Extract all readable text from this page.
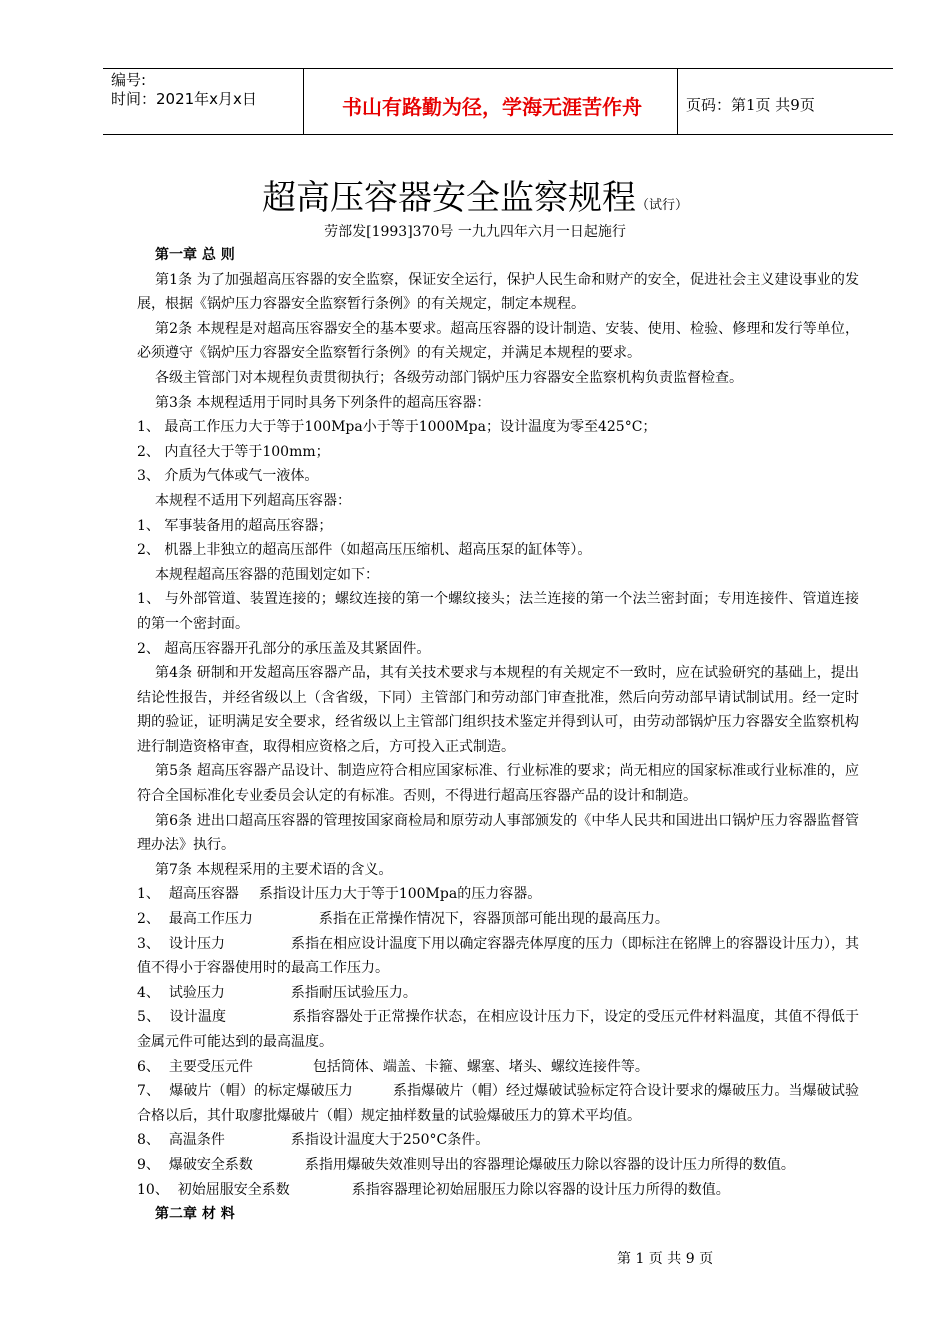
编号:
时间：2021年x月x日	书山有路勤为径，学海无涯苦作舟	页码：第1页 共9页
超高压容器安全监察规程（试行）
劳部发[1993]370号 一九九四年六月一日起施行

第一章 总 则

第1条 为了加强超高压容器的安全监察，保证安全运行，保护人民生命和财产的安全，促进社会主义建设事业的发展，根据《锅炉压力容器安全监察暂行条例》的有关规定，制定本规程。

第2条 本规程是对超高压容器安全的基本要求。超高压容器的设计制造、安装、使用、检验、修理和发行等单位，必须遵守《锅炉压力容器安全监察暂行条例》的有关规定，并满足本规程的要求。

各级主管部门对本规程负责贯彻执行；各级劳动部门锅炉压力容器安全监察机构负责监督检查。

第3条 本规程适用于同时具务下列条件的超高压容器：

1、 最高工作压力大于等于100Mpa小于等于1000Mpa；设计温度为零至425°C；

2、 内直径大于等于100mm；

3、 介质为气体或气一液体。

本规程不适用下列超高压容器：

1、 军事装备用的超高压容器；

2、 机器上非独立的超高压部件（如超高压压缩机、超高压泵的缸体等）。

本规程超高压容器的范围划定如下：

1、 与外部管道、装置连接的；螺纹连接的第一个螺纹接头；法兰连接的第一个法兰密封面；专用连接件、管道连接的第一个密封面。

2、 超高压容器开孔部分的承压盖及其紧固件。

第4条 研制和开发超高压容器产品，其有关技术要求与本规程的有关规定不一致时，应在试验研究的基础上，提出结论性报告，并经省级以上（含省级，下同）主管部门和劳动部门审查批准，然后向劳动部早请试制试用。经一定时期的验证，证明满足安全要求，经省级以上主管部门组织技术鉴定并得到认可，由劳动部锅炉压力容器安全监察机构进行制造资格审查，取得相应资格之后，方可投入正式制造。

第5条 超高压容器产品设计、制造应符合相应国家标准、行业标准的要求；尚无相应的国家标准或行业标准的，应符合全国标准化专业委员会认定的有标准。否则，不得进行超高压容器产品的设计和制造。

第6条 进出口超高压容器的管理按国家商检局和原劳动人事部颁发的《中华人民共和国进出口锅炉压力容器监督管理办法》执行。

第7条 本规程采用的主要术语的含义。

1、 超高压容器 系指设计压力大于等于100Mpa的压力容器。

2、 最高工作压力	系指在正常操作情况下，容器顶部可能出现的最高压力。

3、 设计压力	系指在相应设计温度下用以确定容器壳体厚度的压力（即标注在铭牌上的容器设计压力），其值不得小于容器使用时的最高工作压力。

4、 试验压力	系指耐压试验压力。

5、 设计温度	系指容器处于正常操作状态，在相应设计压力下，设定的受压元件材料温度，其值不得低于金属元件可能达到的最高温度。

6、 主要受压元件	包括筒体、端盖、卡箍、螺塞、堵头、螺纹连接件等。

7、 爆破片（帽）的标定爆破压力	系指爆破片（帽）经过爆破试验标定符合设计要求的爆破压力。当爆破试验合格以后，其什取廖批爆破片（帽）规定抽样数量的试验爆破压力的算术平均值。

8、 高温条件	系指设计温度大于250°C条件。

9、 爆破安全系数	系指用爆破失效准则导出的容器理论爆破压力除以容器的设计压力所得的数值。

10、 初始屈服安全系数	系指容器理论初始屈服压力除以容器的设计压力所得的数值。

第二章 材 料

第 1 页 共 9 页
